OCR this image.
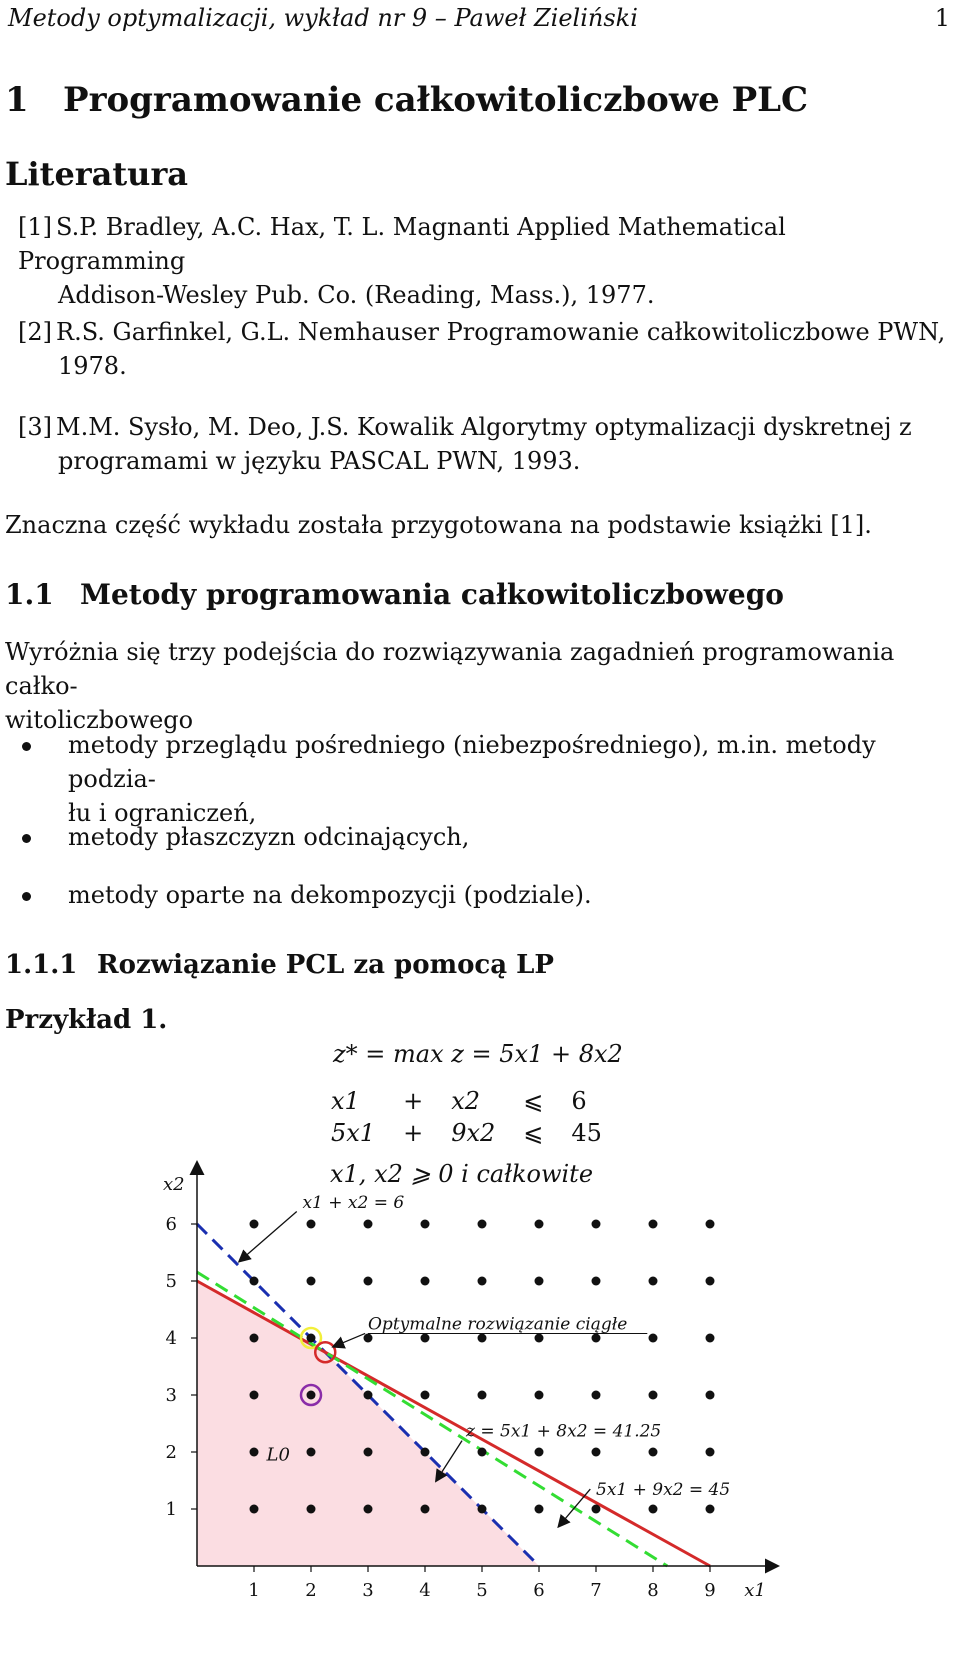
Metody optymalizacji, wykład nr 9 – Paweł Zieliński	1
1 Programowanie całkowitoliczbowe PLC
Literatura
[1] S.P. Bradley, A.C. Hax, T. L. Magnanti Applied Mathematical Programming
Addison-Wesley Pub. Co. (Reading, Mass.), 1977.
[2] R.S. Garfinkel, G.L. Nemhauser Programowanie całkowitoliczbowe PWN,
1978.
[3] M.M. Sysło, M. Deo, J.S. Kowalik Algorytmy optymalizacji dyskretnej z
programami w języku PASCAL PWN, 1993.
Znaczna część wykładu została przygotowana na podstawie książki [1].
1.1 Metody programowania całkowitoliczbowego
Wyróżnia się trzy podejścia do rozwiązywania zagadnień programowania całko-
witoliczbowego
metody przeglądu pośredniego (niebezpośredniego), m.in. metody podzia-
łu i ograniczeń,
metody płaszczyzn odcinających,
metody oparte na dekompozycji (podziale).
1.1.1 Rozwiązanie PCL za pomocą LP
Przykład 1.
z* = max z = 5x1 + 8x2
x1	+	x2	⩽	6
5x1	+	9x2	⩽	45
x1, x2 ⩾ 0 i całkowite
L0
1	2	3	4	5	6	7	8	9
1
2
3
4
5
6
x1
x2
x1 + x2 = 6
5x1 + 9x2 = 45
z = 5x1 + 8x2 = 41.25
Optymalne rozwiązanie ciągłe
